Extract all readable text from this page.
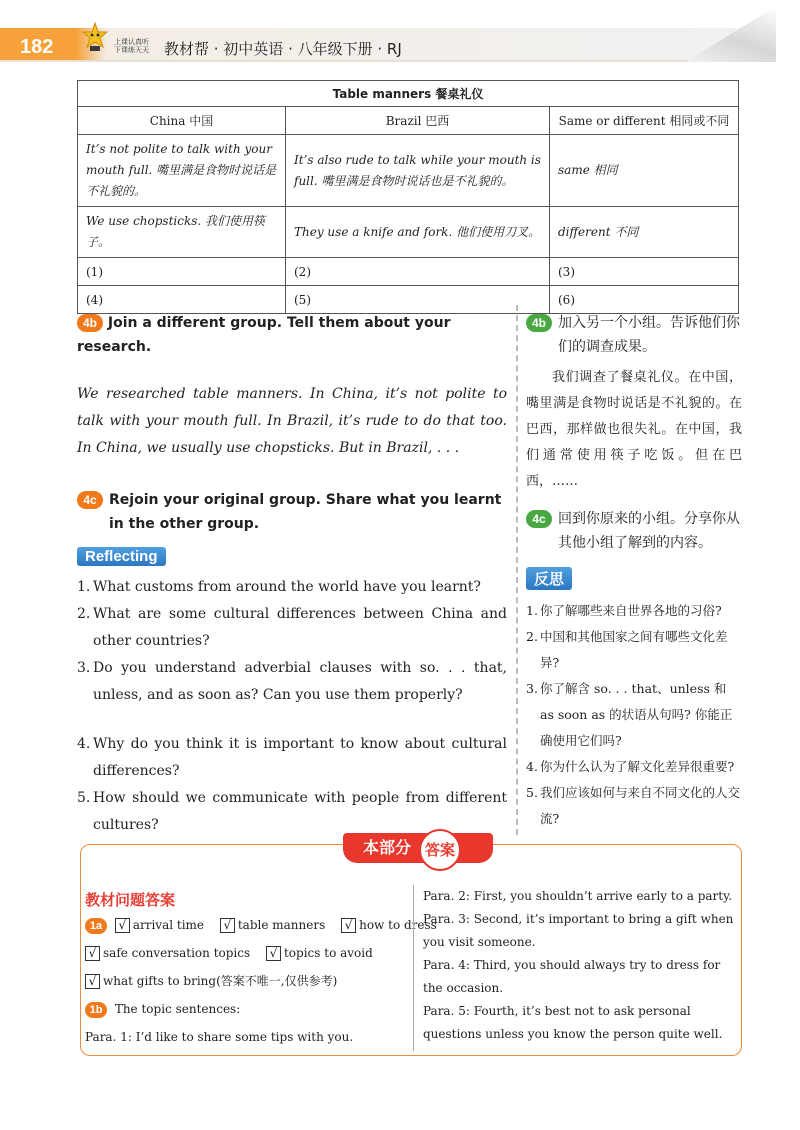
182	上课认真听
下课练天天 教材帮 · 初中英语 · 八年级下册 · RJ
Table manners 餐桌礼仪		
China 中国	Brazil 巴西	Same or different 相同或不同
It’s not polite to talk with your mouth full. 嘴里满是食物时说话是不礼貌的。	It’s also rude to talk while your mouth is full. 嘴里满是食物时说话也是不礼貌的。	same 相同
We use chopsticks. 我们使用筷子。	They use a knife and fork. 他们使用刀叉。	different 不同
(1)	(2)	(3)
(4)	(5)	(6)
4b Join a different group. Tell them about your research.

We researched table manners. In China, it’s not polite to talk with your mouth full. In Brazil, it’s rude to do that too. In China, we usually use chopsticks. But in Brazil, . . .

4c Rejoin your original group. Share what you learnt in the other group.
Reflecting
1. What customs from around the world have you learnt?
2. What are some cultural differences between China and other countries?
3. Do you understand adverbial clauses with so. . . that, unless, and as soon as? Can you use them properly?
4. Why do you think it is important to know about cultural differences?
5. How should we communicate with people from different cultures?
4b 加入另一个小组。告诉他们你们的调查成果。

我们调查了餐桌礼仪。在中国，嘴里满是食物时说话是不礼貌的。在巴西，那样做也很失礼。在中国，我们通常使用筷子吃饭。但在巴西，……

4c 回到你原来的小组。分享你从其他小组了解到的内容。
反思
1. 你了解哪些来自世界各地的习俗?
2. 中国和其他国家之间有哪些文化差异?
3. 你了解含 so. . . that、unless 和 as soon as 的状语从句吗? 你能正确使用它们吗?
4. 你为什么认为了解文化差异很重要?
5. 我们应该如何与来自不同文化的人交流?
本部分 答案
教材问题答案
1a √ arrival time √ table manners √ how to dress
√ safe conversation topics √ topics to avoid
√ what gifts to bring(答案不唯一,仅供参考)
1b The topic sentences:
Para. 1: I’d like to share some tips with you.
Para. 2: First, you shouldn’t arrive early to a party.
Para. 3: Second, it’s important to bring a gift when you visit someone.
Para. 4: Third, you should always try to dress for the occasion.
Para. 5: Fourth, it’s best not to ask personal questions unless you know the person quite well.
